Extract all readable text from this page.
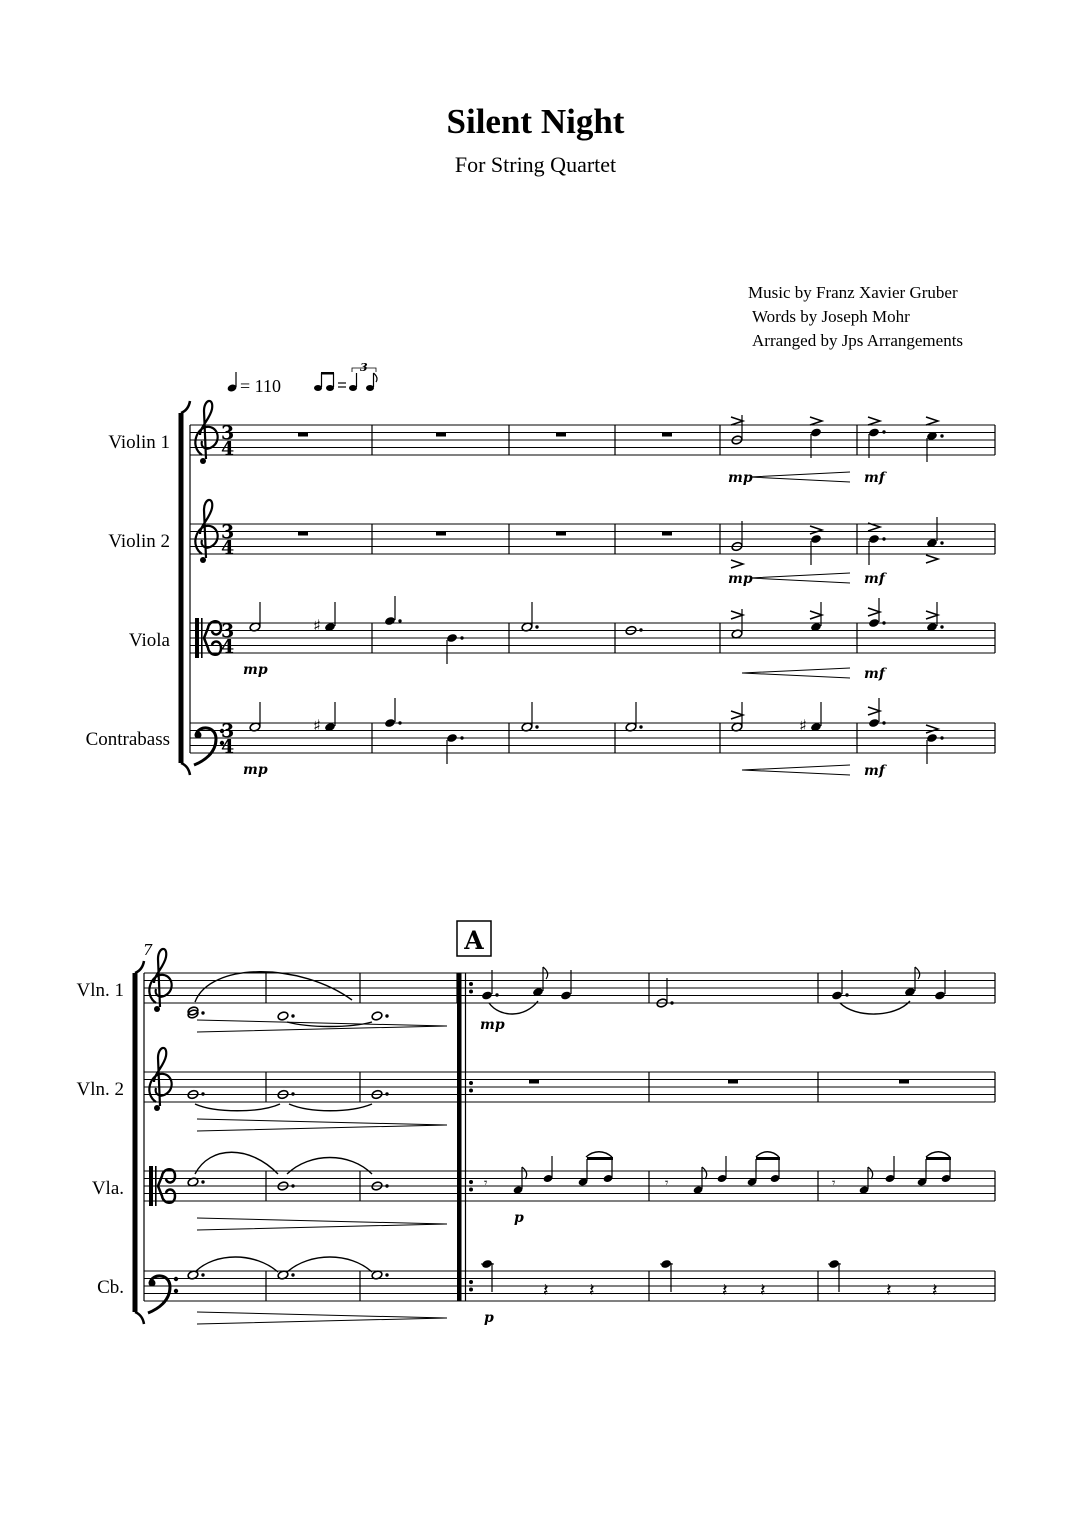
Silent Night
For String Quartet
Music by Franz Xavier Gruber
Words by Joseph Mohr
Arranged by Jps Arrangements
= 110
Violin 1
Violin 2
Viola
Contrabass
Vln. 1
Vln. 2
Vla.
Cb.
3
4
3
4
3
4
3
4
3
♯
♯	♯
mp	mf
mp	mf
mp	mf
mp	mf
7	A
𝄾	𝄾	𝄾
𝄽 𝄽	𝄽 𝄽	𝄽 𝄽
mp
p
p
